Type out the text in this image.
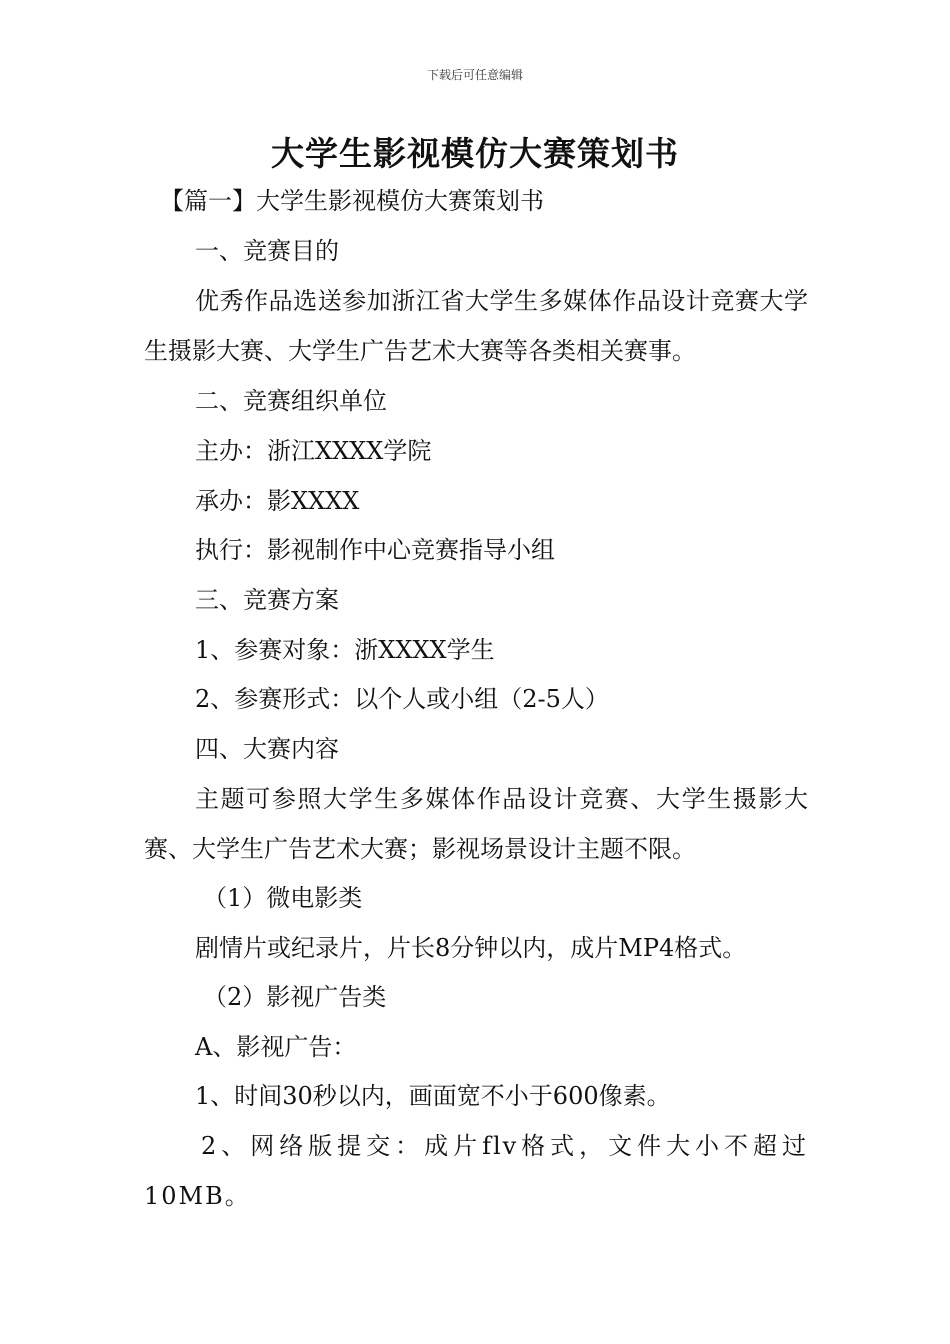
下载后可任意编辑
大学生影视模仿大赛策划书

【篇一】大学生影视模仿大赛策划书

一、竞赛目的

优秀作品选送参加浙江省大学生多媒体作品设计竞赛大学生摄影大赛、大学生广告艺术大赛等各类相关赛事。

二、竞赛组织单位

主办：浙江XXXX学院

承办：影XXXX

执行：影视制作中心竞赛指导小组

三、竞赛方案

1、参赛对象：浙XXXX学生

2、参赛形式：以个人或小组（2-5人）

四、大赛内容

主题可参照大学生多媒体作品设计竞赛、大学生摄影大赛、大学生广告艺术大赛；影视场景设计主题不限。

（1）微电影类

剧情片或纪录片，片长8分钟以内，成片MP4格式。

（2）影视广告类

A、影视广告：

1、时间30秒以内，画面宽不小于600像素。

2、网络版提交：成片flv格式，文件大小不超过10MB。
